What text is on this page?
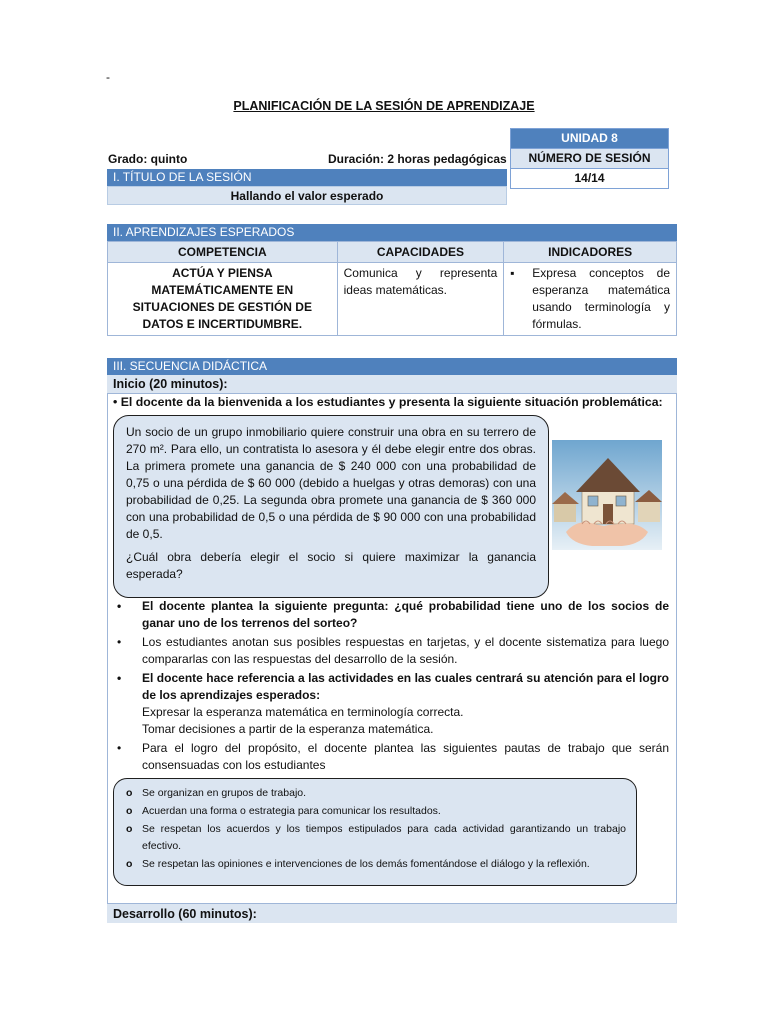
-
PLANIFICACIÓN DE LA SESIÓN DE APRENDIZAJE
UNIDAD 8
NÚMERO DE SESIÓN
14/14
Grado: quinto	Duración: 2 horas pedagógicas
I. TÍTULO DE LA SESIÓN
Hallando el valor esperado
II. APRENDIZAJES ESPERADOS
COMPETENCIA	CAPACIDADES	INDICADORES
ACTÚA Y PIENSA MATEMÁTICAMENTE EN SITUACIONES DE GESTIÓN DE DATOS E INCERTIDUMBRE.	Comunica y representa ideas matemáticas.	▪ Expresa conceptos de esperanza matemática usando terminología y fórmulas.
III. SECUENCIA DIDÁCTICA
Inicio (20 minutos):
• El docente da la bienvenida a los estudiantes y presenta la siguiente situación problemática:

Un socio de un grupo inmobiliario quiere construir una obra en su terrero de 270 m². Para ello, un contratista lo asesora y él debe elegir entre dos obras. La primera promete una ganancia de $ 240 000 con una probabilidad de 0,75 o una pérdida de $ 60 000 (debido a huelgas y otras demoras) con una probabilidad de 0,25. La segunda obra promete una ganancia de $ 360 000 con una probabilidad de 0,5 o una pérdida de $ 90 000 con una probabilidad de 0,5.

¿Cuál obra debería elegir el socio si quiere maximizar la ganancia esperada?

• El docente plantea la siguiente pregunta: ¿qué probabilidad tiene uno de los socios de ganar uno de los terrenos del sorteo?
• Los estudiantes anotan sus posibles respuestas en tarjetas, y el docente sistematiza para luego compararlas con las respuestas del desarrollo de la sesión.
• El docente hace referencia a las actividades en las cuales centrará su atención para el logro de los aprendizajes esperados:
Expresar la esperanza matemática en terminología correcta.
Tomar decisiones a partir de la esperanza matemática.
• Para el logro del propósito, el docente plantea las siguientes pautas de trabajo que serán consensuadas con los estudiantes
o Se organizan en grupos de trabajo.
o Acuerdan una forma o estrategia para comunicar los resultados.
o Se respetan los acuerdos y los tiempos estipulados para cada actividad garantizando un trabajo efectivo.
o Se respetan las opiniones e intervenciones de los demás fomentándose el diálogo y la reflexión.
Desarrollo (60 minutos):
